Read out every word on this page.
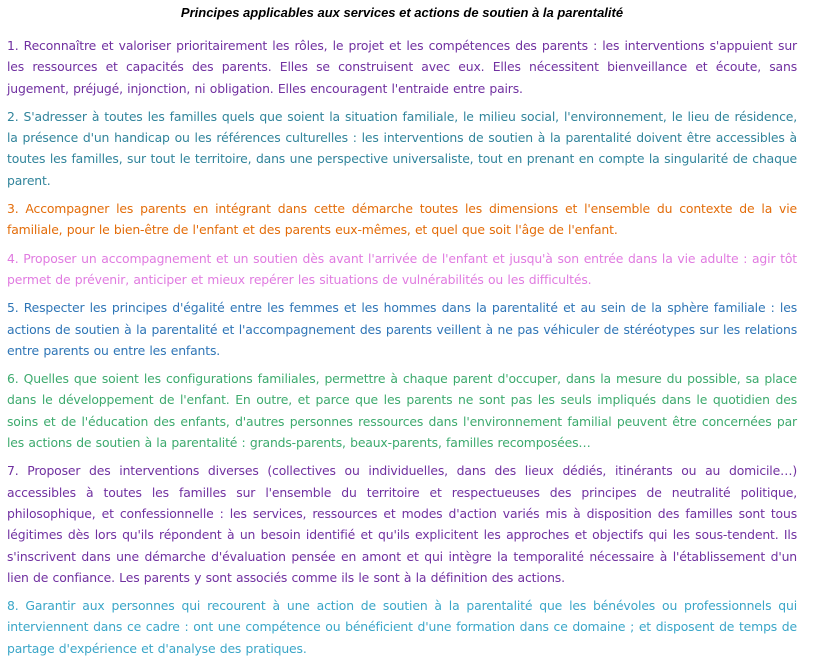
Principes applicables aux services et actions de soutien à la parentalité

1. Reconnaître et valoriser prioritairement les rôles, le projet et les compétences des parents : les interventions s'appuient sur les ressources et capacités des parents. Elles se construisent avec eux. Elles nécessitent bienveillance et écoute, sans jugement, préjugé, injonction, ni obligation. Elles encouragent l'entraide entre pairs.

2. S'adresser à toutes les familles quels que soient la situation familiale, le milieu social, l'environnement, le lieu de résidence, la présence d'un handicap ou les références culturelles : les interventions de soutien à la parentalité doivent être accessibles à toutes les familles, sur tout le territoire, dans une perspective universaliste, tout en prenant en compte la singularité de chaque parent.

3. Accompagner les parents en intégrant dans cette démarche toutes les dimensions et l'ensemble du contexte de la vie familiale, pour le bien-être de l'enfant et des parents eux-mêmes, et quel que soit l'âge de l'enfant.

4. Proposer un accompagnement et un soutien dès avant l'arrivée de l'enfant et jusqu'à son entrée dans la vie adulte : agir tôt permet de prévenir, anticiper et mieux repérer les situations de vulnérabilités ou les difficultés.

5. Respecter les principes d'égalité entre les femmes et les hommes dans la parentalité et au sein de la sphère familiale : les actions de soutien à la parentalité et l'accompagnement des parents veillent à ne pas véhiculer de stéréotypes sur les relations entre parents ou entre les enfants.

6. Quelles que soient les configurations familiales, permettre à chaque parent d'occuper, dans la mesure du possible, sa place dans le développement de l'enfant. En outre, et parce que les parents ne sont pas les seuls impliqués dans le quotidien des soins et de l'éducation des enfants, d'autres personnes ressources dans l'environnement familial peuvent être concernées par les actions de soutien à la parentalité : grands-parents, beaux-parents, familles recomposées…

7. Proposer des interventions diverses (collectives ou individuelles, dans des lieux dédiés, itinérants ou au domicile…) accessibles à toutes les familles sur l'ensemble du territoire et respectueuses des principes de neutralité politique, philosophique, et confessionnelle : les services, ressources et modes d'action variés mis à disposition des familles sont tous légitimes dès lors qu'ils répondent à un besoin identifié et qu'ils explicitent les approches et objectifs qui les sous-tendent. Ils s'inscrivent dans une démarche d'évaluation pensée en amont et qui intègre la temporalité nécessaire à l'établissement d'un lien de confiance. Les parents y sont associés comme ils le sont à la définition des actions.

8. Garantir aux personnes qui recourent à une action de soutien à la parentalité que les bénévoles ou professionnels qui interviennent dans ce cadre : ont une compétence ou bénéficient d'une formation dans ce domaine ; et disposent de temps de partage d'expérience et d'analyse des pratiques.
